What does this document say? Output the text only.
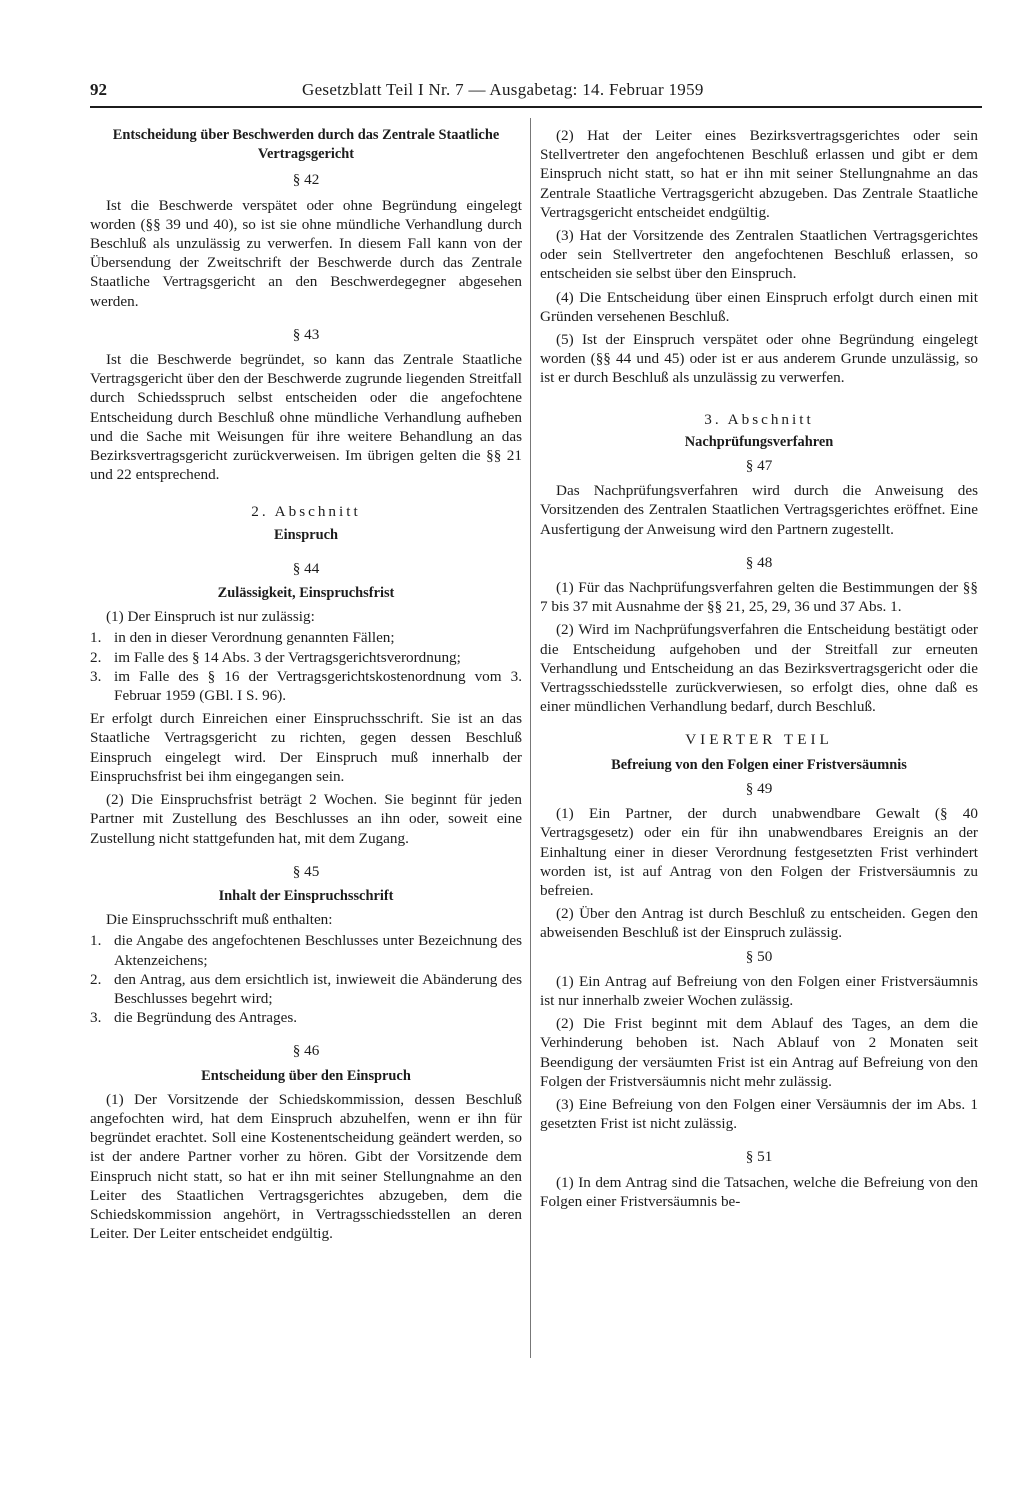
92	Gesetzblatt Teil I Nr. 7 — Ausgabetag: 14. Februar 1959
Entscheidung über Beschwerden durch das Zentrale Staatliche Vertragsgericht
§ 42

Ist die Beschwerde verspätet oder ohne Begründung eingelegt worden (§§ 39 und 40), so ist sie ohne mündliche Verhandlung durch Beschluß als unzulässig zu verwerfen. In diesem Fall kann von der Übersendung der Zweitschrift der Beschwerde durch das Zentrale Staatliche Vertragsgericht an den Beschwerdegegner abgesehen werden.

§ 43

Ist die Beschwerde begründet, so kann das Zentrale Staatliche Vertragsgericht über den der Beschwerde zugrunde liegenden Streitfall durch Schiedsspruch selbst entscheiden oder die angefochtene Entscheidung durch Beschluß ohne mündliche Verhandlung aufheben und die Sache mit Weisungen für ihre weitere Behandlung an das Bezirksvertragsgericht zurückverweisen. Im übrigen gelten die §§ 21 und 22 entsprechend.

2. Abschnitt
Einspruch
§ 44
Zulässigkeit, Einspruchsfrist

(1) Der Einspruch ist nur zulässig:

1. in den in dieser Verordnung genannten Fällen;
2. im Falle des § 14 Abs. 3 der Vertragsgerichtsverordnung;
3. im Falle des § 16 der Vertragsgerichtskostenordnung vom 3. Februar 1959 (GBl. I S. 96).

Er erfolgt durch Einreichen einer Einspruchsschrift. Sie ist an das Staatliche Vertragsgericht zu richten, gegen dessen Beschluß Einspruch eingelegt wird. Der Einspruch muß innerhalb der Einspruchsfrist bei ihm eingegangen sein.

(2) Die Einspruchsfrist beträgt 2 Wochen. Sie beginnt für jeden Partner mit Zustellung des Beschlusses an ihn oder, soweit eine Zustellung nicht stattgefunden hat, mit dem Zugang.

§ 45
Inhalt der Einspruchsschrift

Die Einspruchsschrift muß enthalten:

1. die Angabe des angefochtenen Beschlusses unter Bezeichnung des Aktenzeichens;
2. den Antrag, aus dem ersichtlich ist, inwieweit die Abänderung des Beschlusses begehrt wird;
3. die Begründung des Antrages.
§ 46
Entscheidung über den Einspruch

(1) Der Vorsitzende der Schiedskommission, dessen Beschluß angefochten wird, hat dem Einspruch abzuhelfen, wenn er ihn für begründet erachtet. Soll eine Kostenentscheidung geändert werden, so ist der andere Partner vorher zu hören. Gibt der Vorsitzende dem Einspruch nicht statt, so hat er ihn mit seiner Stellungnahme an den Leiter des Staatlichen Vertragsgerichtes abzugeben, dem die Schiedskommission angehört, in Vertragsschiedsstellen an deren Leiter. Der Leiter entscheidet endgültig.

(2) Hat der Leiter eines Bezirksvertragsgerichtes oder sein Stellvertreter den angefochtenen Beschluß erlassen und gibt er dem Einspruch nicht statt, so hat er ihn mit seiner Stellungnahme an das Zentrale Staatliche Vertragsgericht abzugeben. Das Zentrale Staatliche Vertragsgericht entscheidet endgültig.

(3) Hat der Vorsitzende des Zentralen Staatlichen Vertragsgerichtes oder sein Stellvertreter den angefochtenen Beschluß erlassen, so entscheiden sie selbst über den Einspruch.

(4) Die Entscheidung über einen Einspruch erfolgt durch einen mit Gründen versehenen Beschluß.

(5) Ist der Einspruch verspätet oder ohne Begründung eingelegt worden (§§ 44 und 45) oder ist er aus anderem Grunde unzulässig, so ist er durch Beschluß als unzulässig zu verwerfen.

3. Abschnitt
Nachprüfungsverfahren
§ 47

Das Nachprüfungsverfahren wird durch die Anweisung des Vorsitzenden des Zentralen Staatlichen Vertragsgerichtes eröffnet. Eine Ausfertigung der Anweisung wird den Partnern zugestellt.

§ 48

(1) Für das Nachprüfungsverfahren gelten die Bestimmungen der §§ 7 bis 37 mit Ausnahme der §§ 21, 25, 29, 36 und 37 Abs. 1.

(2) Wird im Nachprüfungsverfahren die Entscheidung bestätigt oder die Entscheidung aufgehoben und der Streitfall zur erneuten Verhandlung und Entscheidung an das Bezirksvertragsgericht oder die Vertragsschiedsstelle zurückverwiesen, so erfolgt dies, ohne daß es einer mündlichen Verhandlung bedarf, durch Beschluß.

VIERTER TEIL
Befreiung von den Folgen einer Fristversäumnis
§ 49

(1) Ein Partner, der durch unabwendbare Gewalt (§ 40 Vertragsgesetz) oder ein für ihn unabwendbares Ereignis an der Einhaltung einer in dieser Verordnung festgesetzten Frist verhindert worden ist, ist auf Antrag von den Folgen der Fristversäumnis zu befreien.

(2) Über den Antrag ist durch Beschluß zu entscheiden. Gegen den abweisenden Beschluß ist der Einspruch zulässig.

§ 50

(1) Ein Antrag auf Befreiung von den Folgen einer Fristversäumnis ist nur innerhalb zweier Wochen zulässig.

(2) Die Frist beginnt mit dem Ablauf des Tages, an dem die Verhinderung behoben ist. Nach Ablauf von 2 Monaten seit Beendigung der versäumten Frist ist ein Antrag auf Befreiung von den Folgen der Fristversäumnis nicht mehr zulässig.

(3) Eine Befreiung von den Folgen einer Versäumnis der im Abs. 1 gesetzten Frist ist nicht zulässig.

§ 51

(1) In dem Antrag sind die Tatsachen, welche die Befreiung von den Folgen einer Fristversäumnis be-
